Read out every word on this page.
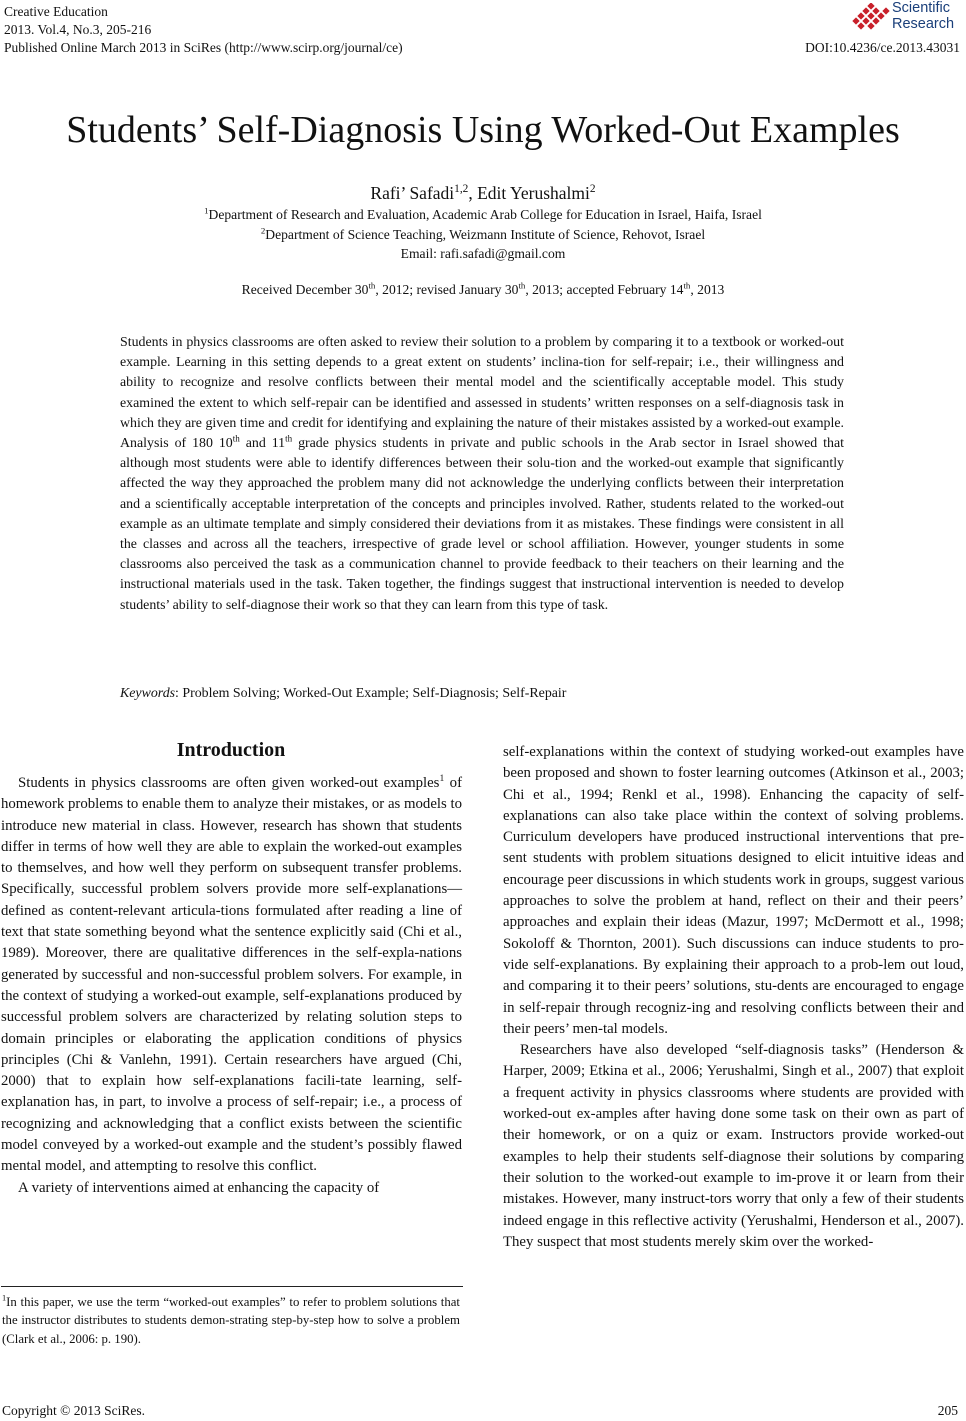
Creative Education
2013. Vol.4, No.3, 205-216
Published Online March 2013 in SciRes (http://www.scirp.org/journal/ce)
Scientific
Research
DOI:10.4236/ce.2013.43031
Students’ Self-Diagnosis Using Worked-Out Examples
Rafi’ Safadi$^{1,2}$, Edit Yerushalmi$^2$
$^1$Department of Research and Evaluation, Academic Arab College for Education in Israel, Haifa, Israel
$^2$Department of Science Teaching, Weizmann Institute of Science, Rehovot, Israel
Email: rafi.safadi@gmail.com
Received December 30th, 2012; revised January 30th, 2013; accepted February 14th, 2013

Students in physics classrooms are often asked to review their solution to a problem by comparing it to a textbook or worked-out example. Learning in this setting depends to a great extent on students’ inclina-tion for self-repair; i.e., their willingness and ability to recognize and resolve conflicts between their mental model and the scientifically acceptable model. This study examined the extent to which self-repair can be identified and assessed in students’ written responses on a self-diagnosis task in which they are given time and credit for identifying and explaining the nature of their mistakes assisted by a worked-out example. Analysis of 180 10th and 11th grade physics students in private and public schools in the Arab sector in Israel showed that although most students were able to identify differences between their solu-tion and the worked-out example that significantly affected the way they approached the problem many did not acknowledge the underlying conflicts between their interpretation and a scientifically acceptable interpretation of the concepts and principles involved. Rather, students related to the worked-out example as an ultimate template and simply considered their deviations from it as mistakes. These findings were consistent in all the classes and across all the teachers, irrespective of grade level or school affiliation. However, younger students in some classrooms also perceived the task as a communication channel to provide feedback to their teachers on their learning and the instructional materials used in the task. Taken together, the findings suggest that instructional intervention is needed to develop students’ ability to self-diagnose their work so that they can learn from this type of task.

Keywords: Problem Solving; Worked-Out Example; Self-Diagnosis; Self-Repair
Introduction

Students in physics classrooms are often given worked-out examples$^1$ of homework problems to enable them to analyze their mistakes, or as models to introduce new material in class. However, research has shown that students differ in terms of how well they are able to explain the worked-out examples to themselves, and how well they perform on subsequent transfer problems. Specifically, successful problem solvers provide more self-explanations—defined as content-relevant articula-tions formulated after reading a line of text that state something beyond what the sentence explicitly said (Chi et al., 1989). Moreover, there are qualitative differences in the self-expla-nations generated by successful and non-successful problem solvers. For example, in the context of studying a worked-out example, self-explanations produced by successful problem solvers are characterized by relating solution steps to domain principles or elaborating the application conditions of physics principles (Chi & Vanlehn, 1991). Certain researchers have argued (Chi, 2000) that to explain how self-explanations facili-tate learning, self-explanation has, in part, to involve a process of self-repair; i.e., a process of recognizing and acknowledging that a conflict exists between the scientific model conveyed by a worked-out example and the student’s possibly flawed mental model, and attempting to resolve this conflict.

A variety of interventions aimed at enhancing the capacity of

self-explanations within the context of studying worked-out examples have been proposed and shown to foster learning outcomes (Atkinson et al., 2003; Chi et al., 1994; Renkl et al., 1998). Enhancing the capacity of self-explanations can also take place within the context of solving problems. Curriculum developers have produced instructional interventions that pre-sent students with problem situations designed to elicit intuitive ideas and encourage peer discussions in which students work in groups, suggest various approaches to solve the problem at hand, reflect on their and their peers’ approaches and explain their ideas (Mazur, 1997; McDermott et al., 1998; Sokoloff & Thornton, 2001). Such discussions can induce students to pro-vide self-explanations. By explaining their approach to a prob-lem out loud, and comparing it to their peers’ solutions, stu-dents are encouraged to engage in self-repair through recogniz-ing and resolving conflicts between their and their peers’ men-tal models.

Researchers have also developed “self-diagnosis tasks” (Henderson & Harper, 2009; Etkina et al., 2006; Yerushalmi, Singh et al., 2007) that exploit a frequent activity in physics classrooms where students are provided with worked-out ex-amples after having done some task on their own as part of their homework, or on a quiz or exam. Instructors provide worked-out examples to help their students self-diagnose their solutions by comparing their solution to the worked-out example to im-prove it or learn from their mistakes. However, many instruct-tors worry that only a few of their students indeed engage in this reflective activity (Yerushalmi, Henderson et al., 2007). They suspect that most students merely skim over the worked-

$^1$In this paper, we use the term “worked-out examples” to refer to problem solutions that the instructor distributes to students demon-strating step-by-step how to solve a problem (Clark et al., 2006: p. 190).

Copyright © 2013 SciRes.	205
